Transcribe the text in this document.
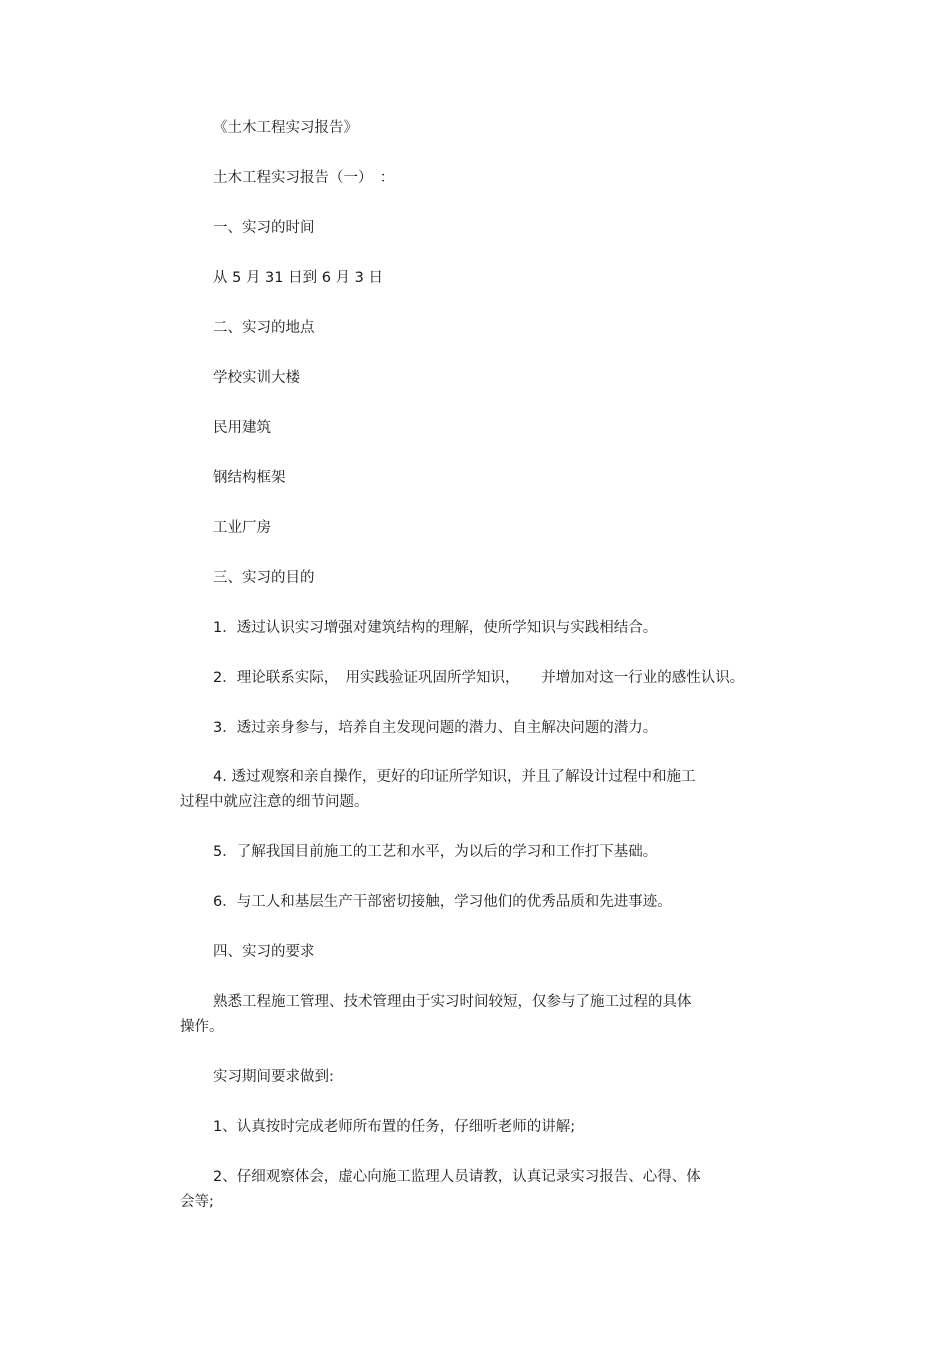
《土木工程实习报告》

土木工程实习报告（一）　：

一、实习的时间

从 5 月 31 日到 6 月 3 日

二、实习的地点

学校实训大楼

民用建筑

钢结构框架

工业厂房

三、实习的目的

1．透过认识实习增强对建筑结构的理解，使所学知识与实践相结合。

2．理论联系实际，　用实践验证巩固所学知识，　　并增加对这一行业的感性认识。

3．透过亲身参与，培养自主发现问题的潜力、自主解决问题的潜力。

4. 透过观察和亲自操作，更好的印证所学知识，并且了解设计过程中和施工

过程中就应注意的细节问题。

5．了解我国目前施工的工艺和水平，为以后的学习和工作打下基础。

6．与工人和基层生产干部密切接触，学习他们的优秀品质和先进事迹。

四、实习的要求

熟悉工程施工管理、技术管理由于实习时间较短，仅参与了施工过程的具体

操作。

实习期间要求做到:

1、认真按时完成老师所布置的任务，仔细听老师的讲解;

2、仔细观察体会，虚心向施工监理人员请教，认真记录实习报告、心得、体

会等;
